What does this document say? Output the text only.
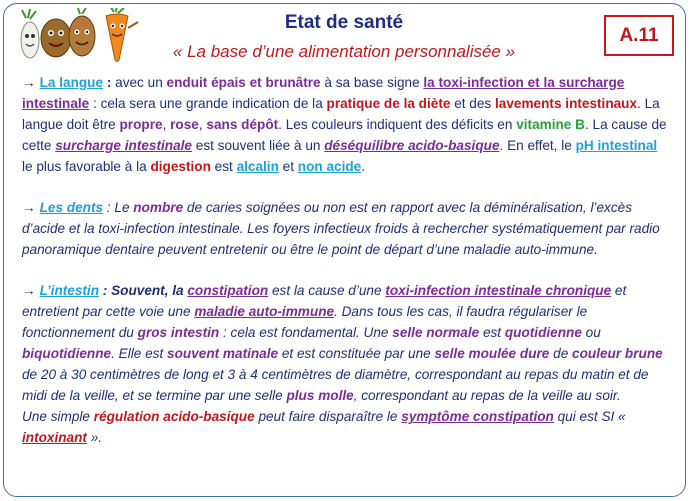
Etat de santé
« La base d’une alimentation personnalisée »
A.11

→ La langue : avec un enduit épais et brunâtre à sa base signe la toxi-infection et la surcharge intestinale : cela sera une grande indication de la pratique de la diète et des lavements intestinaux. La langue doit être propre, rose, sans dépôt. Les couleurs indiquent des déficits en vitamine B. La cause de cette surcharge intestinale est souvent liée à un déséquilibre acido-basique. En effet, le pH intestinal le plus favorable à la digestion est alcalin et non acide.

→ Les dents : Le nombre de caries soignées ou non est en rapport avec la déminéralisation, l’excès d’acide et la toxi-infection intestinale. Les foyers infectieux froids à rechercher systématiquement par radio panoramique dentaire peuvent entretenir ou être le point de départ d’une maladie auto-immune.

→ L’intestin : Souvent, la constipation est la cause d’une toxi-infection intestinale chronique et entretient par cette voie une maladie auto-immune. Dans tous les cas, il faudra régulariser le fonctionnement du gros intestin : cela est fondamental. Une selle normale est quotidienne ou biquotidienne. Elle est souvent matinale et est constituée par une selle moulée dure de couleur brune de 20 à 30 centimètres de long et 3 à 4 centimètres de diamètre, correspondant au repas du matin et de midi de la veille, et se termine par une selle plus molle, correspondant au repas de la veille au soir.
Une simple régulation acido-basique peut faire disparaître le symptôme constipation qui est SI « intoxinant ».
